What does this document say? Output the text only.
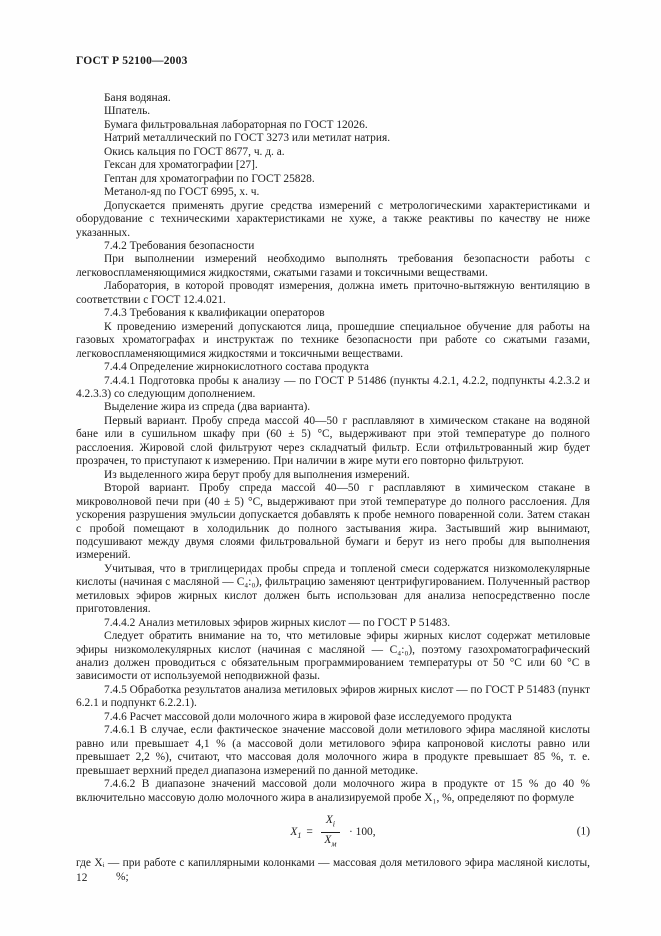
ГОСТ Р 52100—2003

Баня водяная.

Шпатель.

Бумага фильтровальная лабораторная по ГОСТ 12026.

Натрий металлический по ГОСТ 3273 или метилат натрия.

Окись кальция по ГОСТ 8677, ч. д. а.

Гексан для хроматографии [27].

Гептан для хроматографии по ГОСТ 25828.

Метанол-яд по ГОСТ 6995, х. ч.

Допускается применять другие средства измерений с метрологическими характеристиками и оборудование с техническими характеристиками не хуже, а также реактивы по качеству не ниже указанных.

7.4.2 Требования безопасности

При выполнении измерений необходимо выполнять требования безопасности работы с легковоспламеняющимися жидкостями, сжатыми газами и токсичными веществами.

Лаборатория, в которой проводят измерения, должна иметь приточно-вытяжную вентиляцию в соответствии с ГОСТ 12.4.021.

7.4.3 Требования к квалификации операторов

К проведению измерений допускаются лица, прошедшие специальное обучение для работы на газовых хроматографах и инструктаж по технике безопасности при работе со сжатыми газами, легковоспламеняющимися жидкостями и токсичными веществами.

7.4.4 Определение жирнокислотного состава продукта

7.4.4.1 Подготовка пробы к анализу — по ГОСТ Р 51486 (пункты 4.2.1, 4.2.2, подпункты 4.2.3.2 и 4.2.3.3) со следующим дополнением.

Выделение жира из спреда (два варианта).

Первый вариант. Пробу спреда массой 40—50 г расплавляют в химическом стакане на водяной бане или в сушильном шкафу при (60 ± 5) °С, выдерживают при этой температуре до полного расслоения. Жировой слой фильтруют через складчатый фильтр. Если отфильтрованный жир будет прозрачен, то приступают к измерению. При наличии в жире мути его повторно фильтруют.

Из выделенного жира берут пробу для выполнения измерений.

Второй вариант. Пробу спреда массой 40—50 г расплавляют в химическом стакане в микроволновой печи при (40 ± 5) °С, выдерживают при этой температуре до полного расслоения. Для ускорения разрушения эмульсии допускается добавлять к пробе немного поваренной соли. Затем стакан с пробой помещают в холодильник до полного застывания жира. Застывший жир вынимают, подсушивают между двумя слоями фильтровальной бумаги и берут из него пробы для выполнения измерений.

Учитывая, что в триглицеридах пробы спреда и топленой смеси содержатся низкомолекулярные кислоты (начиная с масляной — С₄:₀), фильтрацию заменяют центрифугированием. Полученный раствор метиловых эфиров жирных кислот должен быть использован для анализа непосредственно после приготовления.

7.4.4.2 Анализ метиловых эфиров жирных кислот — по ГОСТ Р 51483.

Следует обратить внимание на то, что метиловые эфиры жирных кислот содержат метиловые эфиры низкомолекулярных кислот (начиная с масляной — С₄:₀), поэтому газохроматографический анализ должен проводиться с обязательным программированием температуры от 50 °С или 60 °С в зависимости от используемой неподвижной фазы.

7.4.5 Обработка результатов анализа метиловых эфиров жирных кислот — по ГОСТ Р 51483 (пункт 6.2.1 и подпункт 6.2.2.1).

7.4.6 Расчет массовой доли молочного жира в жировой фазе исследуемого продукта

7.4.6.1 В случае, если фактическое значение массовой доли метилового эфира масляной кислоты равно или превышает 4,1 % (а массовой доли метилового эфира капроновой кислоты равно или превышает 2,2 %), считают, что массовая доля молочного жира в продукте превышает 85 %, т. е. превышает верхний предел диапазона измерений по данной методике.

7.4.6.2 В диапазоне значений массовой доли молочного жира в продукте от 15 % до 40 % включительно массовую долю молочного жира в анализируемой пробе Х₁, %, определяют по формуле

$Х_1 = \frac{Х_i}{Х_м} \cdot 100$,	(1)

где Хᵢ — при работе с капиллярными колонками — массовая доля метилового эфира масляной кислоты, %;

12
